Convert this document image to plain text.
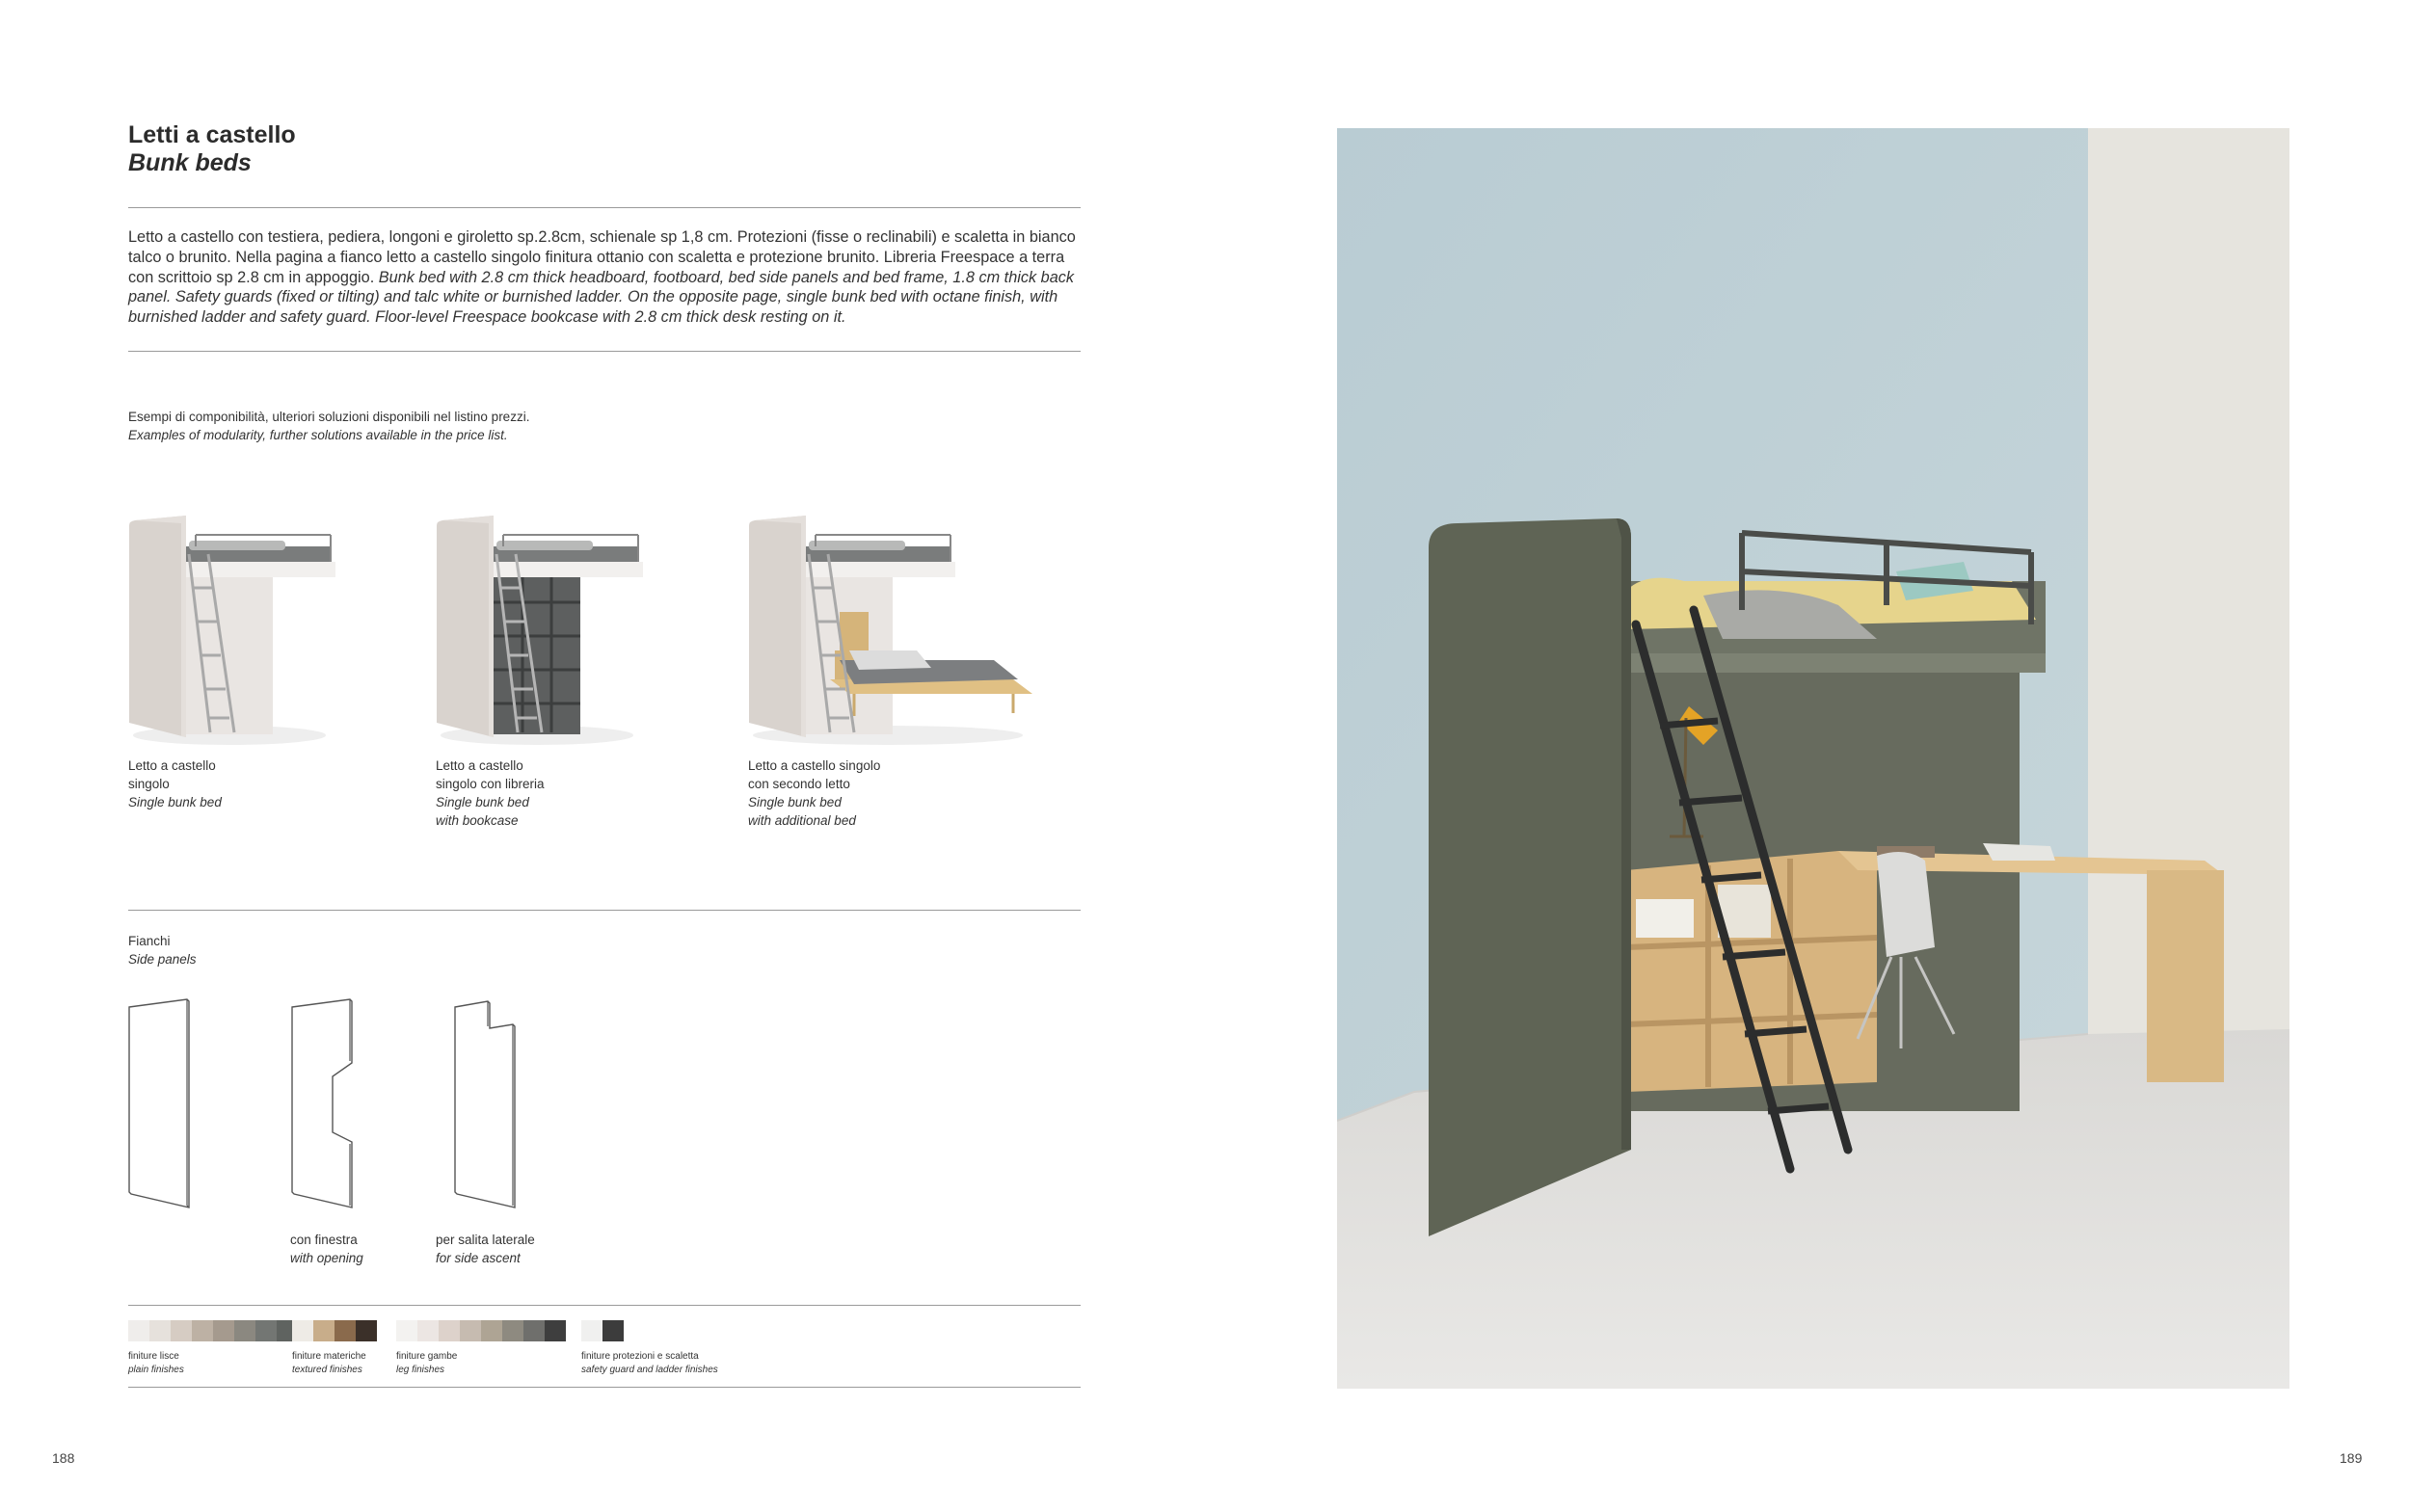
Letti a castello
Bunk beds
Letto a castello con testiera, pediera, longoni e giroletto sp.2.8cm, schienale sp 1,8 cm. Protezioni (fisse o reclinabili) e scaletta in bianco talco o brunito. Nella pagina a fianco letto a castello singolo finitura ottanio con scaletta e protezione brunito. Libreria Freespace a terra con scrittoio sp 2.8 cm in appoggio. Bunk bed with 2.8 cm thick headboard, footboard, bed side panels and bed frame, 1.8 cm thick back panel. Safety guards (fixed or tilting) and talc white or burnished ladder. On the opposite page, single bunk bed with octane finish, with burnished ladder and safety guard. Floor-level Freespace bookcase with 2.8 cm thick desk resting on it.
Esempi di componibilità, ulteriori soluzioni disponibili nel listino prezzi.
Examples of modularity, further solutions available in the price list.
Letto a castello
singolo
Single bunk bed
Letto a castello
singolo con libreria
Single bunk bed
with bookcase
Letto a castello singolo
con secondo letto
Single bunk bed
with additional bed
Fianchi
Side panels
con finestra
with opening
per salita laterale
for side ascent
finiture lisce
plain finishes
finiture materiche
textured finishes
finiture gambe
leg finishes
finiture protezioni e scaletta
safety guard and ladder finishes
188	189
